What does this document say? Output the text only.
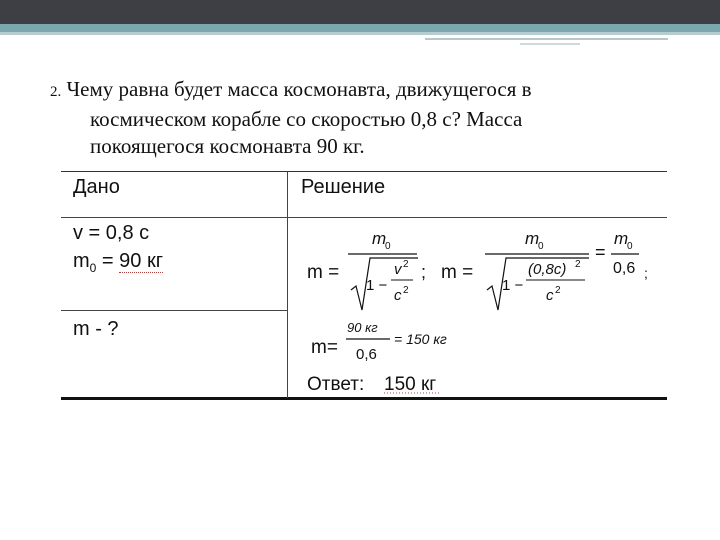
2. Чему равна будет масса космонавта, движущегося в
космическом корабле со скоростью 0,8 с? Масса
покоящегося космонавта 90 кг.
Дано	Решение
v = 0,8 с
$m_0 = 90$ кг
m - ?
m =
m
0
1 −
v 2
c 2
; m =
m
0
1 −
(0,8c) 2
c 2
=
m
0
0,6 ;
m=
90 кг
0,6
= 150 кг
Ответ: 150 кг
